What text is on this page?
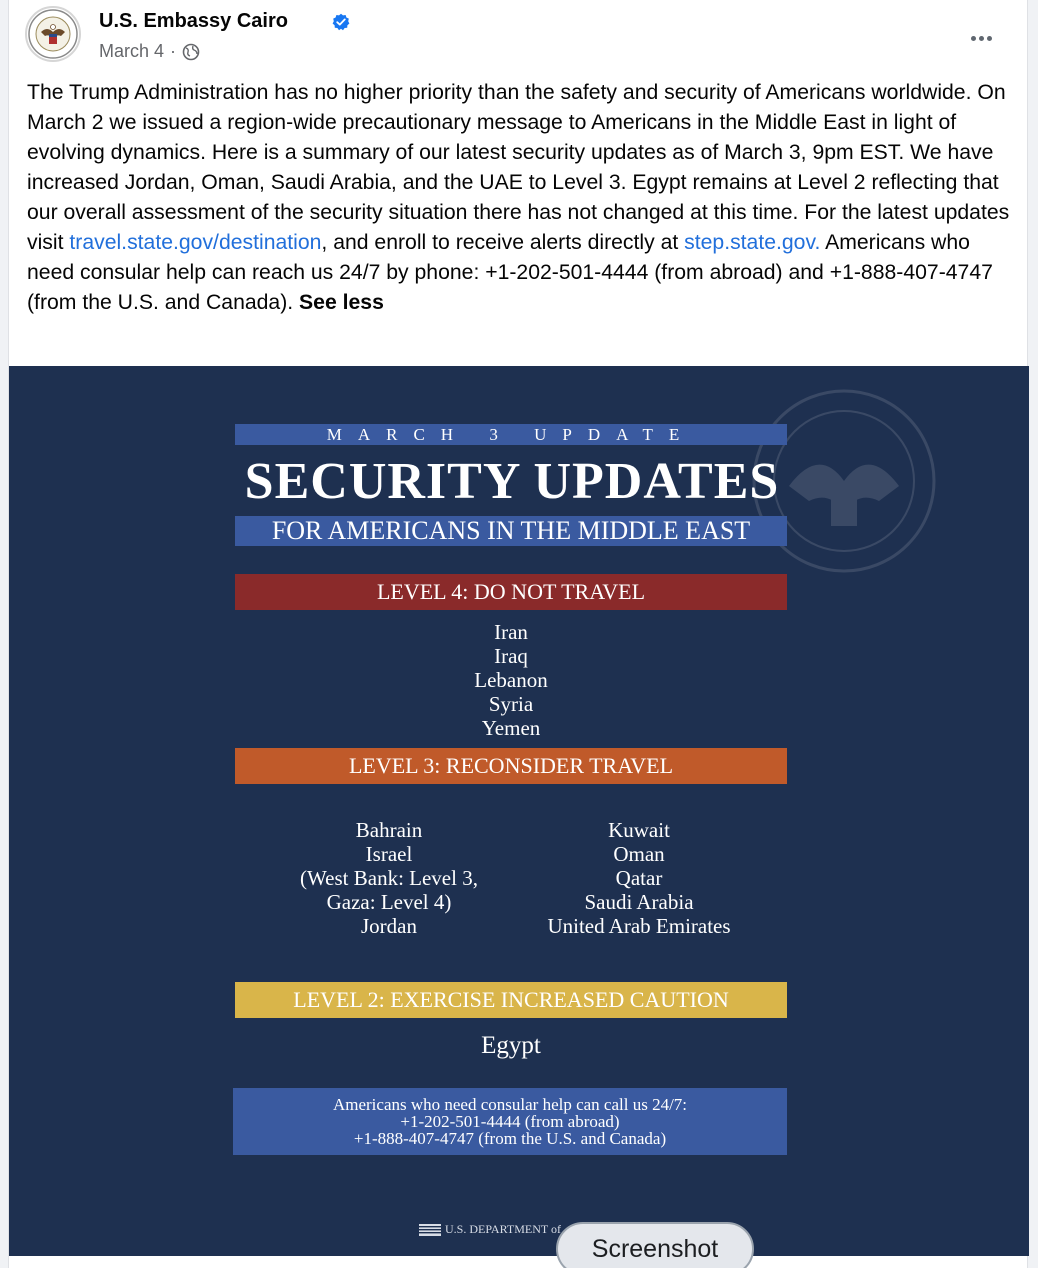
U.S. Embassy Cairo
March 4 ·
The Trump Administration has no higher priority than the safety and security of Americans worldwide. On March 2 we issued a region-wide precautionary message to Americans in the Middle East in light of evolving dynamics. Here is a summary of our latest security updates as of March 3, 9pm EST. We have increased Jordan, Oman, Saudi Arabia, and the UAE to Level 3. Egypt remains at Level 2 reflecting that our overall assessment of the security situation there has not changed at this time. For the latest updates visit travel.state.gov/destination, and enroll to receive alerts directly at step.state.gov. Americans who need consular help can reach us 24/7 by phone: +1-202-501-4444 (from abroad) and +1-888-407-4747 (from the U.S. and Canada). See less
MARCH 3 UPDATE
SECURITY UPDATES
FOR AMERICANS IN THE MIDDLE EAST
LEVEL 4: DO NOT TRAVEL
Iran
Iraq
Lebanon
Syria
Yemen
LEVEL 3: RECONSIDER TRAVEL
Bahrain
Israel
(West Bank: Level 3,
Gaza: Level 4)
Jordan
Kuwait
Oman
Qatar
Saudi Arabia
United Arab Emirates
LEVEL 2: EXERCISE INCREASED CAUTION
Egypt
Americans who need consular help can call us 24/7:
+1-202-501-4444 (from abroad)
+1-888-407-4747 (from the U.S. and Canada)
U.S. DEPARTMENT of
Screenshot
